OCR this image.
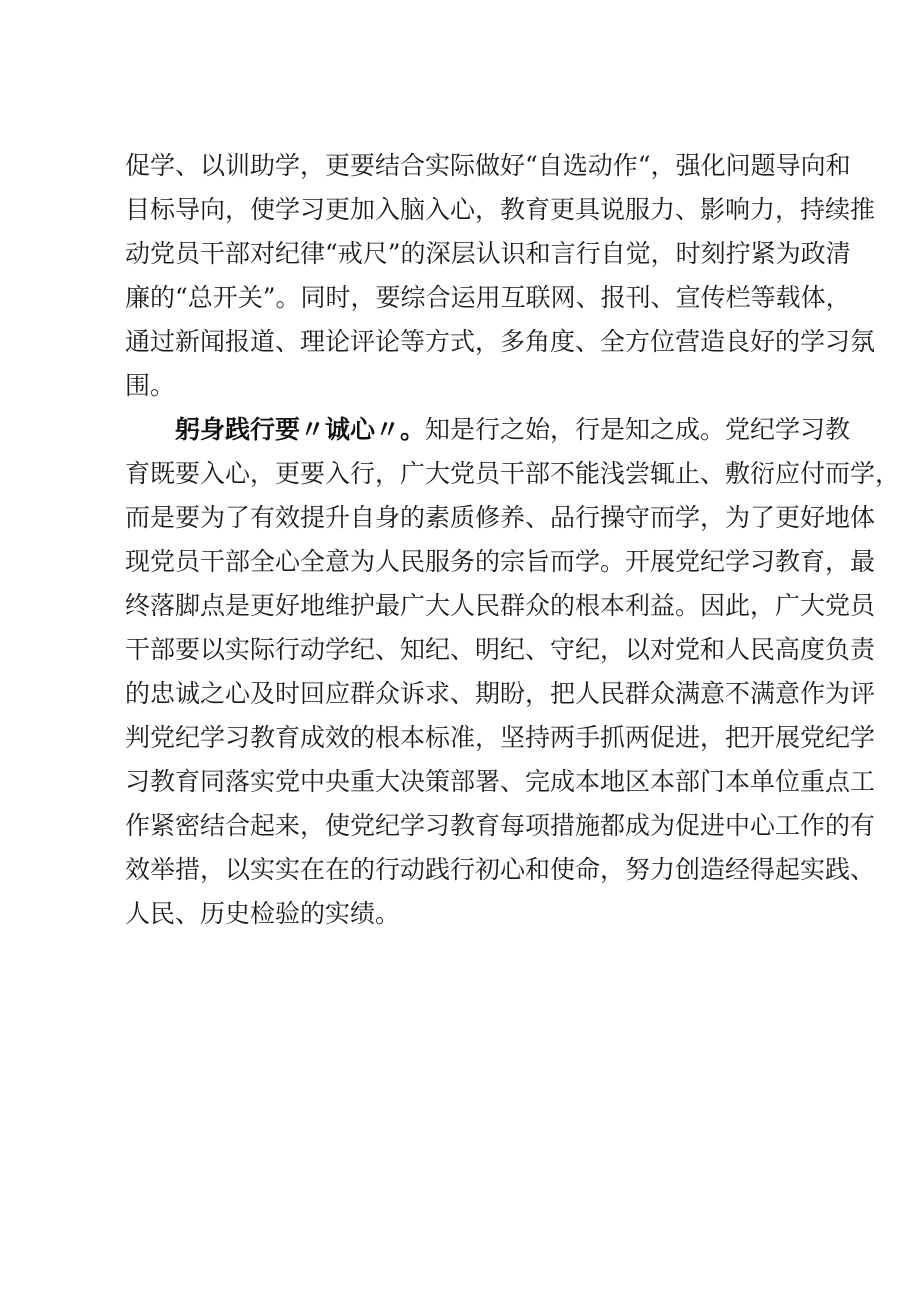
促学、以训助学，更要结合实际做好“自选动作“，强化问题导向和
目标导向，使学习更加入脑入心，教育更具说服力、影响力，持续推
动党员干部对纪律“戒尺”的深层认识和言行自觉，时刻拧紧为政清
廉的“总开关”。同时，要综合运用互联网、报刊、宣传栏等载体，
通过新闻报道、理论评论等方式，多角度、全方位营造良好的学习氛
围。
躬身践行要〃诚心〃。知是行之始，行是知之成。党纪学习教
育既要入心，更要入行，广大党员干部不能浅尝辄止、敷衍应付而学，
而是要为了有效提升自身的素质修养、品行操守而学，为了更好地体
现党员干部全心全意为人民服务的宗旨而学。开展党纪学习教育，最
终落脚点是更好地维护最广大人民群众的根本利益。因此，广大党员
干部要以实际行动学纪、知纪、明纪、守纪，以对党和人民高度负责
的忠诚之心及时回应群众诉求、期盼，把人民群众满意不满意作为评
判党纪学习教育成效的根本标准，坚持两手抓两促进，把开展党纪学
习教育同落实党中央重大决策部署、完成本地区本部门本单位重点工
作紧密结合起来，使党纪学习教育每项措施都成为促进中心工作的有
效举措，以实实在在的行动践行初心和使命，努力创造经得起实践、
人民、历史检验的实绩。
